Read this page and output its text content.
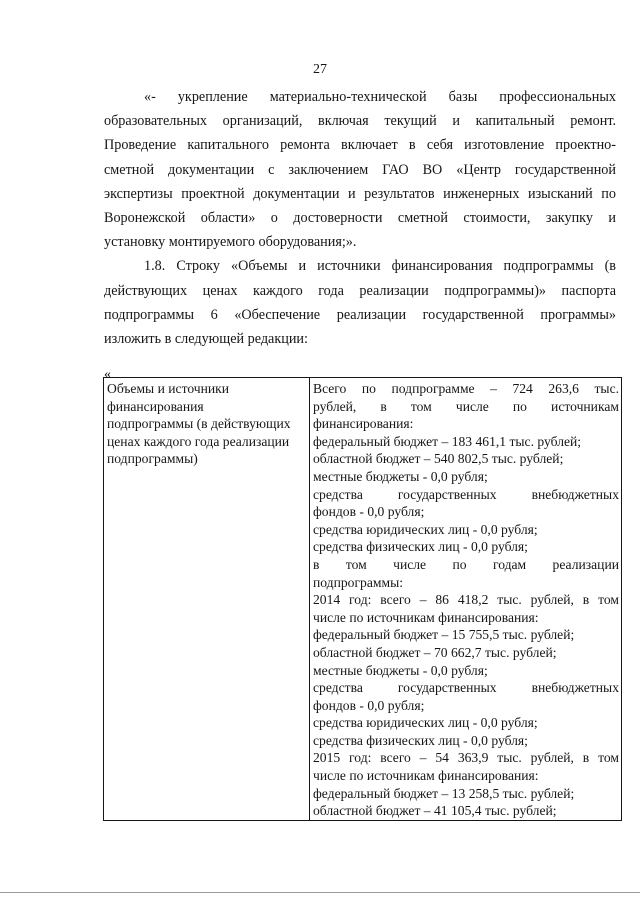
27

«- укрепление материально-технической базы профессиональных
образовательных организаций, включая текущий и капитальный ремонт.
Проведение капитального ремонта включает в себя изготовление проектно-
сметной документации с заключением ГАО ВО «Центр государственной
экспертизы проектной документации и результатов инженерных изысканий по
Воронежской области» о достоверности сметной стоимости, закупку и
установку монтируемого оборудования;».

1.8. Строку «Объемы и источники финансирования подпрограммы (в
действующих ценах каждого года реализации подпрограммы)» паспорта
подпрограммы 6 «Обеспечение реализации государственной программы»
изложить в следующей редакции:

«
Объемы и источники
финансирования
подпрограммы (в действующих
ценах каждого года реализации
подпрограммы)

Всего по подпрограмме – 724 263,6 тыс.
рублей, в том числе по источникам
финансирования:
федеральный бюджет – 183 461,1 тыс. рублей;
областной бюджет – 540 802,5 тыс. рублей;
местные бюджеты - 0,0 рубля;
средства государственных внебюджетных
фондов - 0,0 рубля;
средства юридических лиц - 0,0 рубля;
средства физических лиц - 0,0 рубля;
в том числе по годам реализации
подпрограммы:
2014 год: всего – 86 418,2 тыс. рублей, в том
числе по источникам финансирования:
федеральный бюджет – 15 755,5 тыс. рублей;
областной бюджет – 70 662,7 тыс. рублей;
местные бюджеты - 0,0 рубля;
средства государственных внебюджетных
фондов - 0,0 рубля;
средства юридических лиц - 0,0 рубля;
средства физических лиц - 0,0 рубля;
2015 год: всего – 54 363,9 тыс. рублей, в том
числе по источникам финансирования:
федеральный бюджет – 13 258,5 тыс. рублей;
областной бюджет – 41 105,4 тыс. рублей;
